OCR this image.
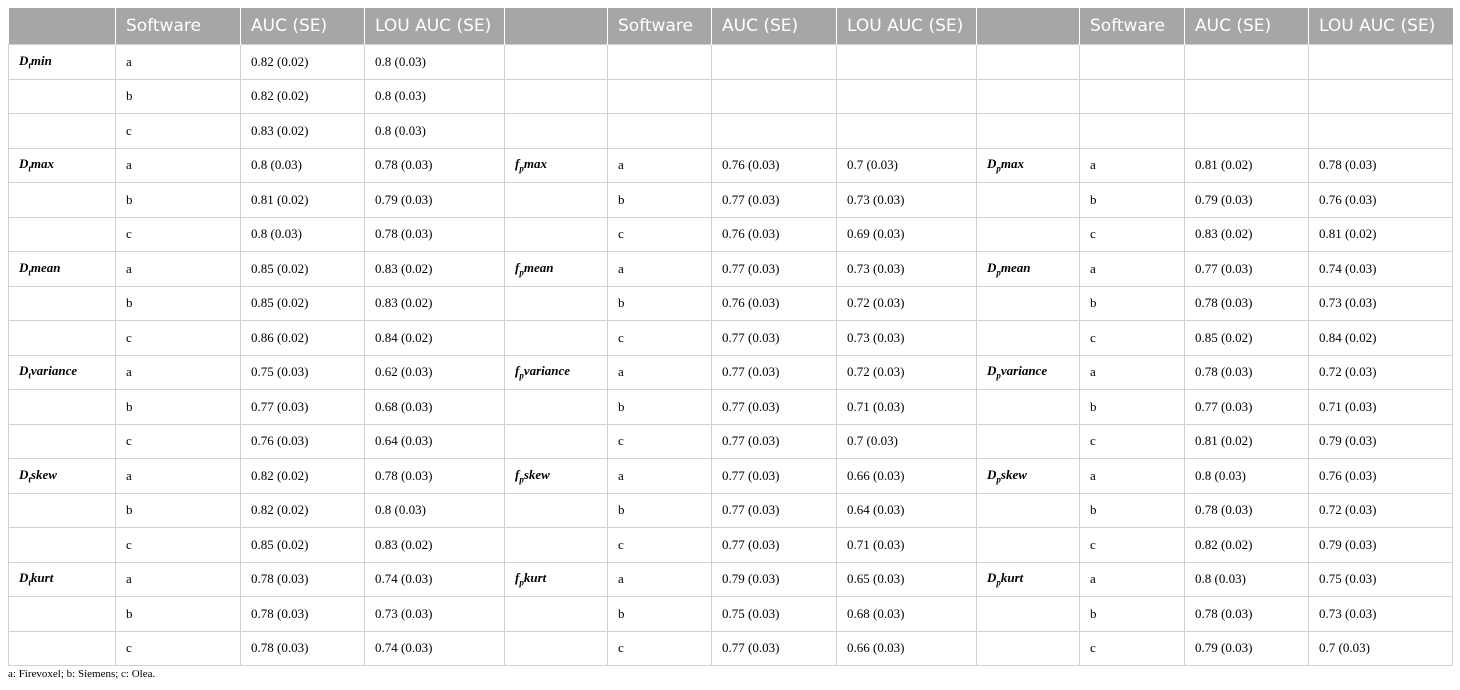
	Software	AUC (SE)	LOU AUC (SE)		Software	AUC (SE)	LOU AUC (SE)		Software	AUC (SE)	LOU AUC (SE)
$D_t\min$	a	0.82 (0.02)	0.8 (0.03)								
	b	0.82 (0.02)	0.8 (0.03)								
	c	0.83 (0.02)	0.8 (0.03)								
$D_t\max$	a	0.8 (0.03)	0.78 (0.03)	$f_p\max$	a	0.76 (0.03)	0.7 (0.03)	$D_p\max$	a	0.81 (0.02)	0.78 (0.03)
	b	0.81 (0.02)	0.79 (0.03)		b	0.77 (0.03)	0.73 (0.03)		b	0.79 (0.03)	0.76 (0.03)
	c	0.8 (0.03)	0.78 (0.03)		c	0.76 (0.03)	0.69 (0.03)		c	0.83 (0.02)	0.81 (0.02)
$D_tmean$	a	0.85 (0.02)	0.83 (0.02)	$f_pmean$	a	0.77 (0.03)	0.73 (0.03)	$D_pmean$	a	0.77 (0.03)	0.74 (0.03)
	b	0.85 (0.02)	0.83 (0.02)		b	0.76 (0.03)	0.72 (0.03)		b	0.78 (0.03)	0.73 (0.03)
	c	0.86 (0.02)	0.84 (0.02)		c	0.77 (0.03)	0.73 (0.03)		c	0.85 (0.02)	0.84 (0.02)
$D_tvariance$	a	0.75 (0.03)	0.62 (0.03)	$f_pvariance$	a	0.77 (0.03)	0.72 (0.03)	$D_pvariance$	a	0.78 (0.03)	0.72 (0.03)
	b	0.77 (0.03)	0.68 (0.03)		b	0.77 (0.03)	0.71 (0.03)		b	0.77 (0.03)	0.71 (0.03)
	c	0.76 (0.03)	0.64 (0.03)		c	0.77 (0.03)	0.7 (0.03)		c	0.81 (0.02)	0.79 (0.03)
$D_tskew$	a	0.82 (0.02)	0.78 (0.03)	$f_pskew$	a	0.77 (0.03)	0.66 (0.03)	$D_pskew$	a	0.8 (0.03)	0.76 (0.03)
	b	0.82 (0.02)	0.8 (0.03)		b	0.77 (0.03)	0.64 (0.03)		b	0.78 (0.03)	0.72 (0.03)
	c	0.85 (0.02)	0.83 (0.02)		c	0.77 (0.03)	0.71 (0.03)		c	0.82 (0.02)	0.79 (0.03)
$D_tkurt$	a	0.78 (0.03)	0.74 (0.03)	$f_pkurt$	a	0.79 (0.03)	0.65 (0.03)	$D_pkurt$	a	0.8 (0.03)	0.75 (0.03)
	b	0.78 (0.03)	0.73 (0.03)		b	0.75 (0.03)	0.68 (0.03)		b	0.78 (0.03)	0.73 (0.03)
	c	0.78 (0.03)	0.74 (0.03)		c	0.77 (0.03)	0.66 (0.03)		c	0.79 (0.03)	0.7 (0.03)
a: Firevoxel; b: Siemens; c: Olea.
